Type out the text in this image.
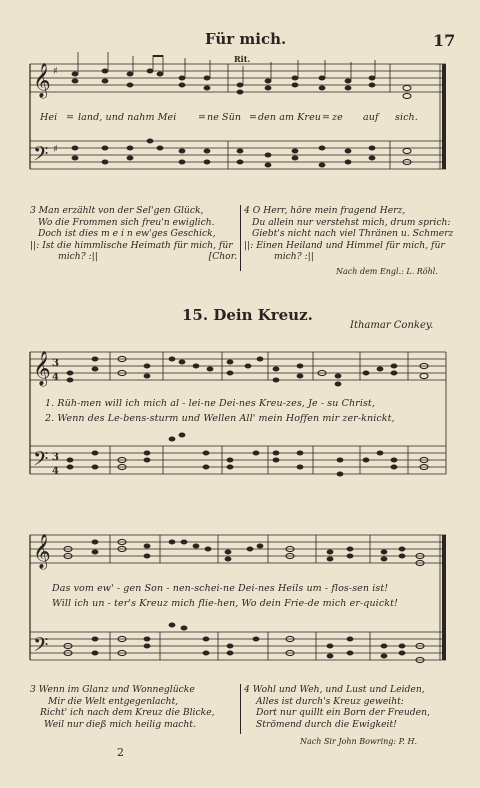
Für mich.	17
𝄞
𝄢
♯
♯
Rit.
Hei = land, und nahm Mei = ne Sün = den am Kreu = ze auf sich.
3 Man erzählt von der Sel'gen Glück,
Wo die Frommen sich freu'n ewiglich.
Doch ist dies m e i n ew'ges Geschick,
||: Ist die himmlische Heimath für mich, für
mich? :||	[Chor.
4 O Herr, höre mein fragend Herz,
Du allein nur verstehst mich, drum sprich:
Giebt's nicht nach viel Thränen u. Schmerz
||: Einen Heiland und Himmel für mich, für
mich? :||
Nach dem Engl.: L. Röhl.
15. Dein Kreuz.
Ithamar Conkey.
𝄞
𝄢
3
4
3
4
1. Rüh-men will ich mich al - lei-ne Dei-nes Kreu-zes, Je - su Christ,
2. Wenn des Le-bens-sturm und Wellen All' mein Hoffen mir zer-knickt,
𝄞
𝄢
Das vom ew' - gen Son - nen-schei-ne Dei-nes Heils um - flos-sen ist!
Will ich un - ter's Kreuz mich flie-hen, Wo dein Frie-de mich er-quickt!
3 Wenn im Glanz und Wonneglücke
Mir die Welt entgegenlacht,
Richt' ich nach dem Kreuz die Blicke,
Weil nur dieß mich heilig macht.
4 Wohl und Weh, und Lust und Leiden,
Alles ist durch's Kreuz geweiht:
Dort nur quillt ein Born der Freuden,
Strömend durch die Ewigkeit!
Nach Sir John Bowring: P. H.
2
